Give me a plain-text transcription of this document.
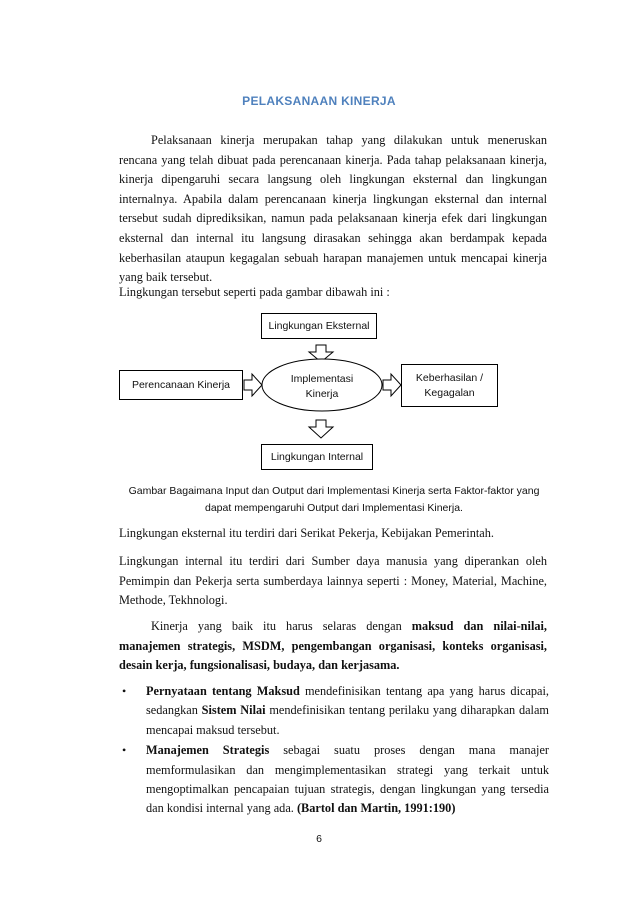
PELAKSANAAN KINERJA
Pelaksanaan kinerja merupakan tahap yang dilakukan untuk meneruskan rencana yang telah dibuat pada perencanaan kinerja. Pada tahap pelaksanaan kinerja, kinerja dipengaruhi secara langsung oleh lingkungan eksternal dan lingkungan internalnya. Apabila dalam perencanaan kinerja lingkungan eksternal dan internal tersebut sudah diprediksikan, namun pada pelaksanaan kinerja efek dari lingkungan eksternal dan internal itu langsung dirasakan sehingga akan berdampak kepada keberhasilan ataupun kegagalan sebuah harapan manajemen untuk mencapai kinerja yang baik tersebut.
Lingkungan tersebut seperti pada gambar dibawah ini :
Lingkungan Eksternal
Perencanaan Kinerja	Implementasi
Kinerja
Keberhasilan /
Kegagalan
Lingkungan Internal
Gambar Bagaimana Input dan Output dari Implementasi Kinerja serta Faktor-faktor yang
dapat mempengaruhi Output dari Implementasi Kinerja.
Lingkungan eksternal itu terdiri dari Serikat Pekerja, Kebijakan Pemerintah.
Lingkungan internal itu terdiri dari Sumber daya manusia yang diperankan oleh Pemimpin dan Pekerja serta sumberdaya lainnya seperti : Money, Material, Machine, Methode, Tekhnologi.
Kinerja yang baik itu harus selaras dengan maksud dan nilai-nilai, manajemen strategis, MSDM, pengembangan organisasi, konteks organisasi, desain kerja, fungsionalisasi, budaya, dan kerjasama.
• Pernyataan tentang Maksud mendefinisikan tentang apa yang harus dicapai, sedangkan Sistem Nilai mendefinisikan tentang perilaku yang diharapkan dalam mencapai maksud tersebut.
• Manajemen Strategis sebagai suatu proses dengan mana manajer memformulasikan dan mengimplementasikan strategi yang terkait untuk mengoptimalkan pencapaian tujuan strategis, dengan lingkungan yang tersedia dan kondisi internal yang ada. (Bartol dan Martin, 1991:190)
6
